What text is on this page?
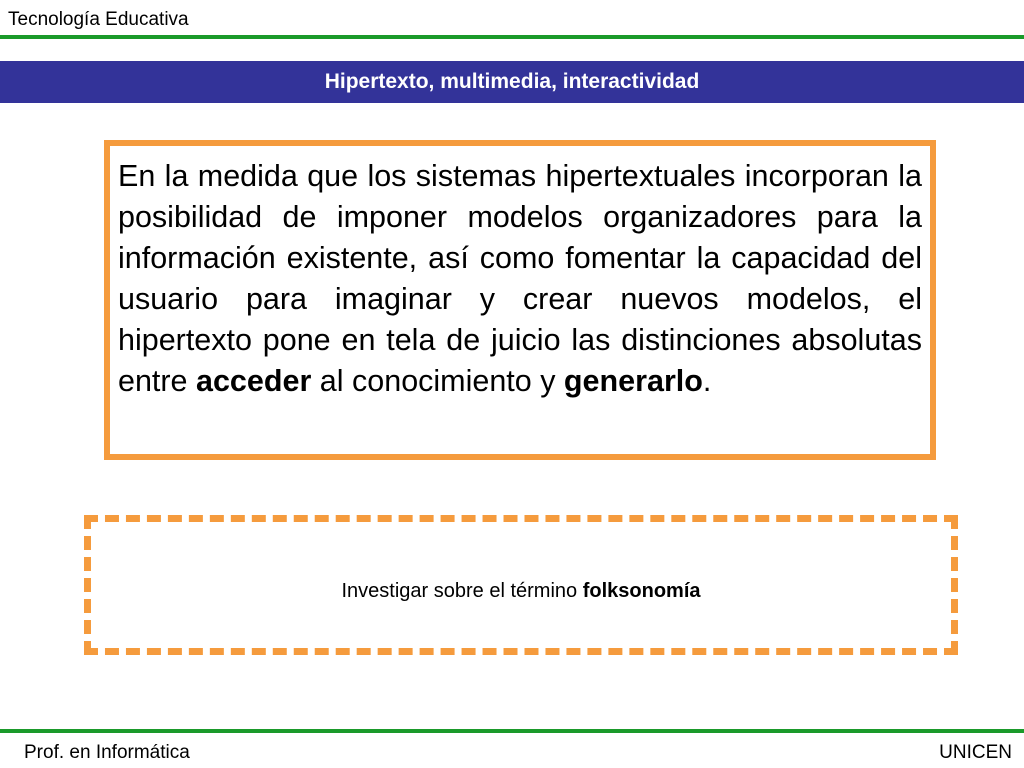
Tecnología Educativa
Hipertexto, multimedia, interactividad

En la medida que los sistemas hipertextuales incorporan la posibilidad de imponer modelos organizadores para la información existente, así como fomentar la capacidad del usuario para imaginar y crear nuevos modelos, el hipertexto pone en tela de juicio las distinciones absolutas entre acceder al conocimiento y generarlo.

Investigar sobre el término folksonomía
Prof. en Informática	UNICEN
